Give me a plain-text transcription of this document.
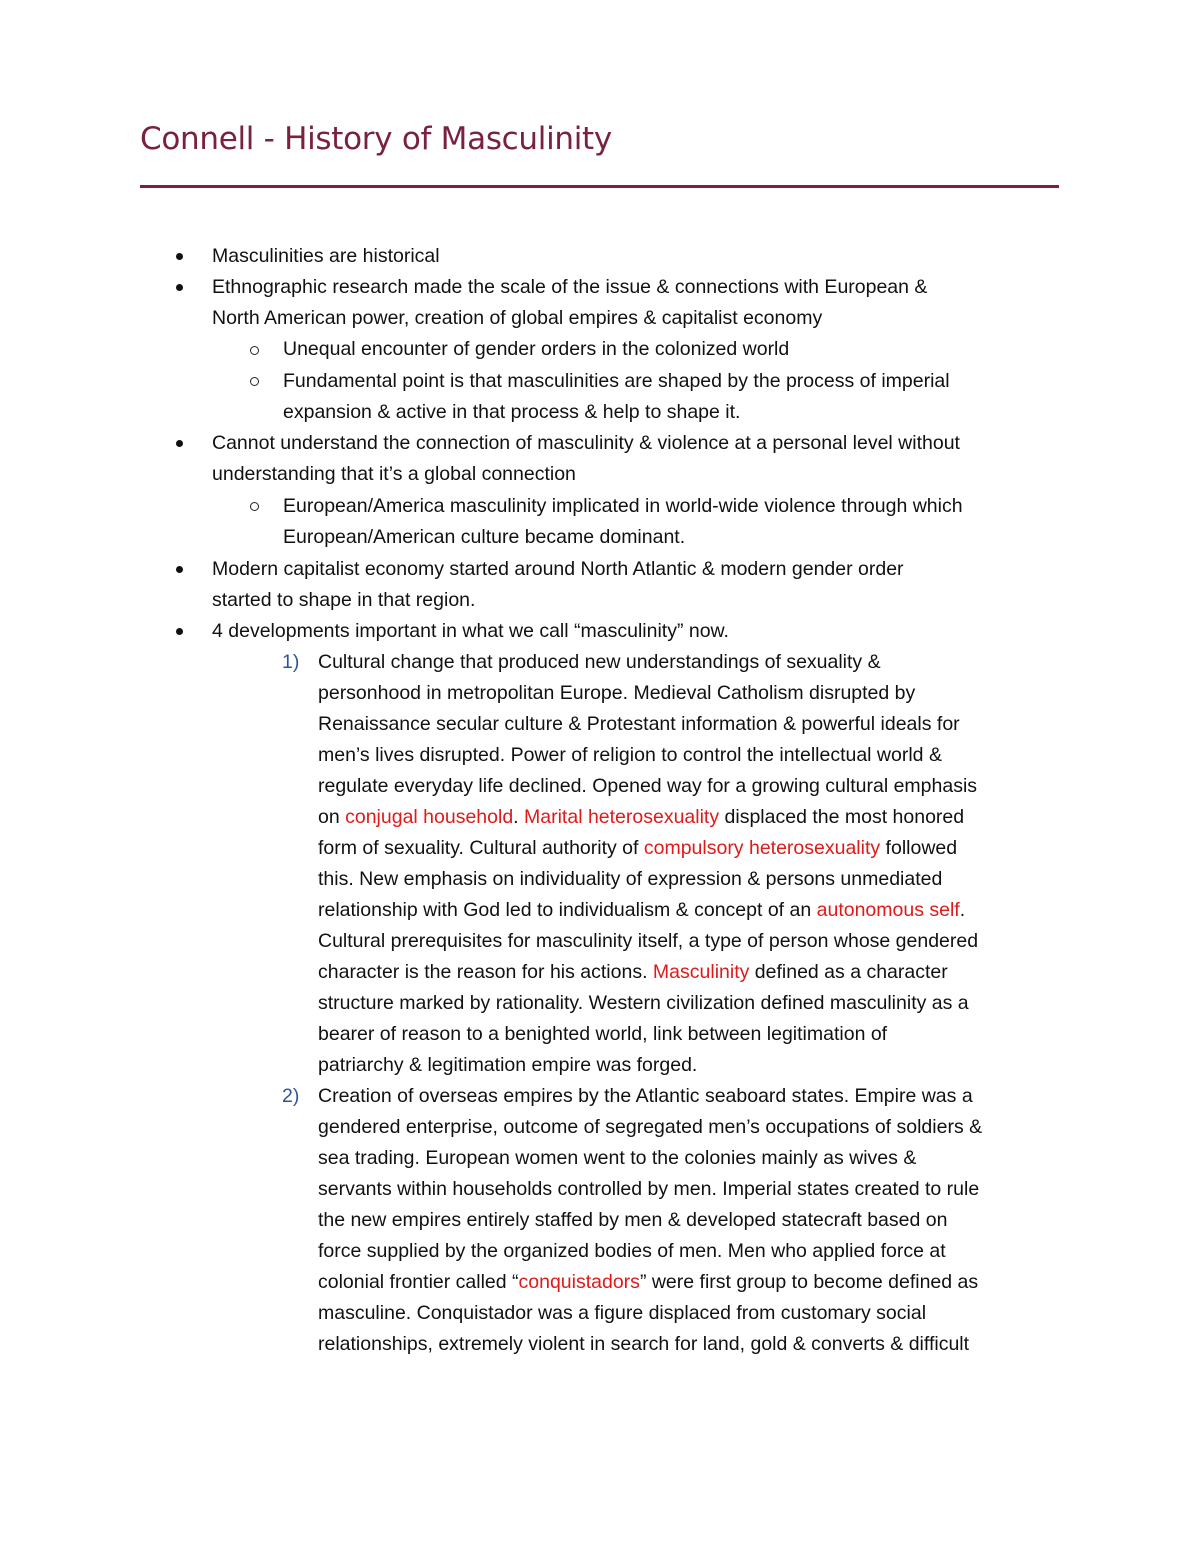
Connell - History of Masculinity
Masculinities are historical
Ethnographic research made the scale of the issue & connections with European &
North American power, creation of global empires & capitalist economy
Unequal encounter of gender orders in the colonized world
Fundamental point is that masculinities are shaped by the process of imperial
expansion & active in that process & help to shape it.
Cannot understand the connection of masculinity & violence at a personal level without
understanding that it’s a global connection
European/America masculinity implicated in world-wide violence through which
European/American culture became dominant.
Modern capitalist economy started around North Atlantic & modern gender order
started to shape in that region.
4 developments important in what we call “masculinity” now.
1) Cultural change that produced new understandings of sexuality &
personhood in metropolitan Europe. Medieval Catholism disrupted by
Renaissance secular culture & Protestant information & powerful ideals for
men’s lives disrupted. Power of religion to control the intellectual world &
regulate everyday life declined. Opened way for a growing cultural emphasis
on conjugal household. Marital heterosexuality displaced the most honored
form of sexuality. Cultural authority of compulsory heterosexuality followed
this. New emphasis on individuality of expression & persons unmediated
relationship with God led to individualism & concept of an autonomous self.
Cultural prerequisites for masculinity itself, a type of person whose gendered
character is the reason for his actions. Masculinity defined as a character
structure marked by rationality. Western civilization defined masculinity as a
bearer of reason to a benighted world, link between legitimation of
patriarchy & legitimation empire was forged.
2) Creation of overseas empires by the Atlantic seaboard states. Empire was a
gendered enterprise, outcome of segregated men’s occupations of soldiers &
sea trading. European women went to the colonies mainly as wives &
servants within households controlled by men. Imperial states created to rule
the new empires entirely staffed by men & developed statecraft based on
force supplied by the organized bodies of men. Men who applied force at
colonial frontier called “conquistadors” were first group to become defined as
masculine. Conquistador was a figure displaced from customary social
relationships, extremely violent in search for land, gold & converts & difficult
